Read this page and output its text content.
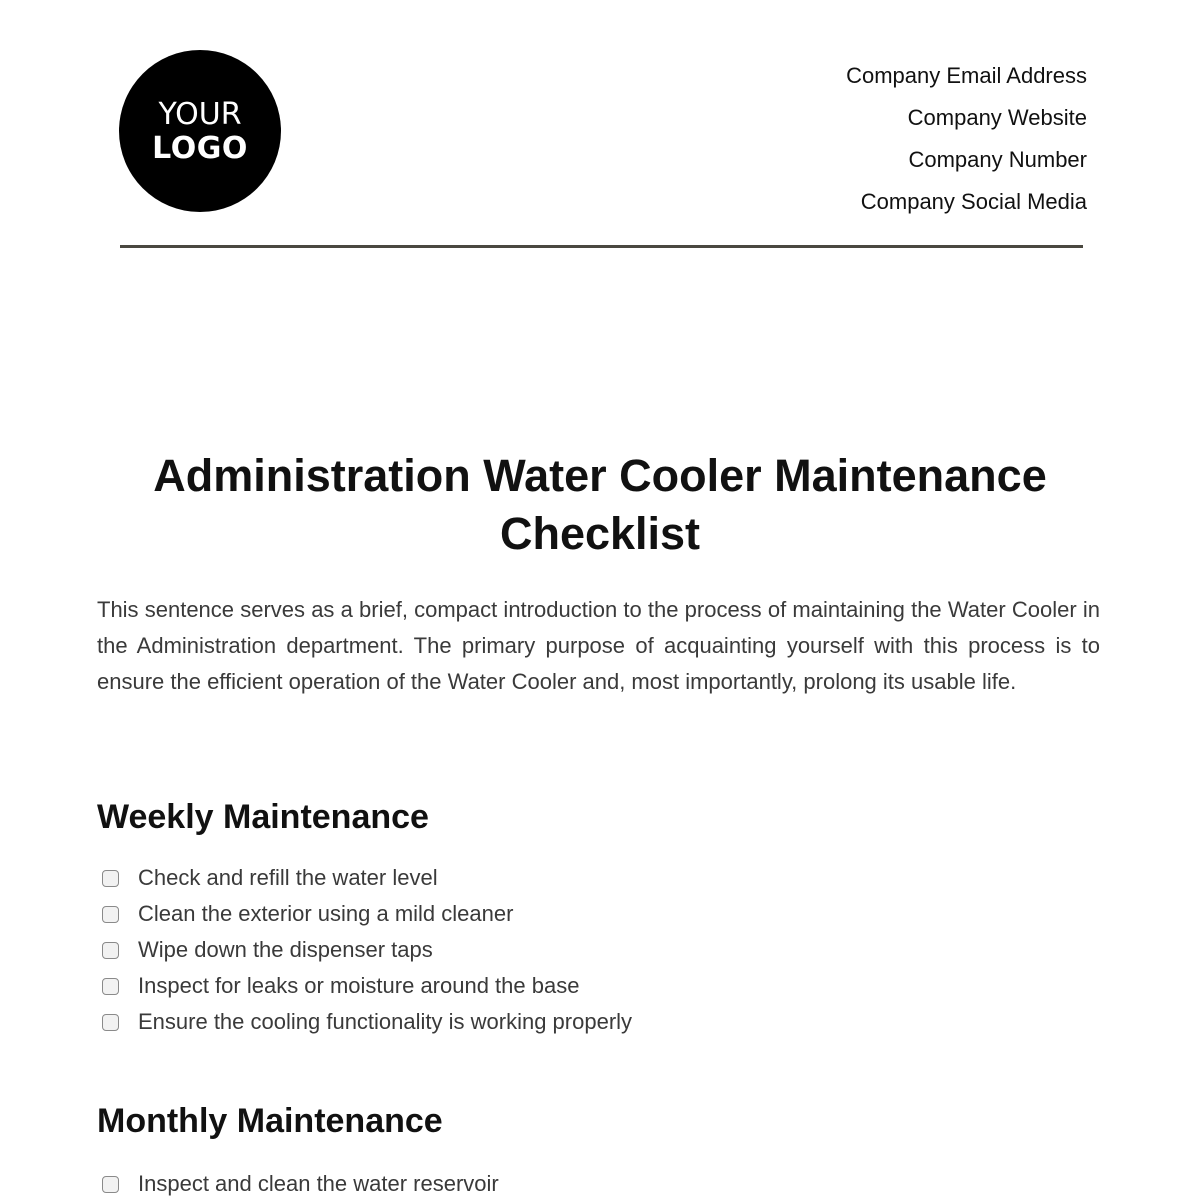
YOUR
LOGO
Company Email Address
Company Website
Company Number
Company Social Media
Administration Water Cooler Maintenance Checklist

This sentence serves as a brief, compact introduction to the process of maintaining the Water Cooler in the Administration department. The primary purpose of acquainting yourself with this process is to ensure the efficient operation of the Water Cooler and, most importantly, prolong its usable life.

Weekly Maintenance
Check and refill the water level
Clean the exterior using a mild cleaner
Wipe down the dispenser taps
Inspect for leaks or moisture around the base
Ensure the cooling functionality is working properly
Monthly Maintenance
Inspect and clean the water reservoir
